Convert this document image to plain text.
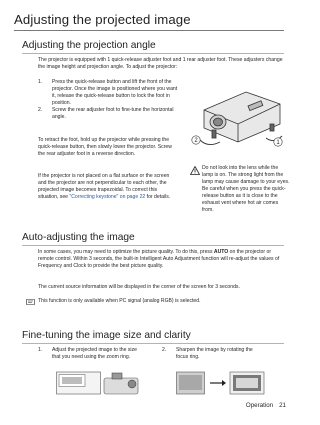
Adjusting the projected image
Adjusting the projection angle

The projector is equipped with 1 quick-release adjuster foot and 1 rear adjuster foot. These adjusters change the image height and projection angle. To adjust the projector:

1. Press the quick-release button and lift the front of the projector. Once the image is positioned where you want it, release the quick-release button to lock the foot in position.
2. Screw the rear adjuster foot to fine-tune the horizontal angle.

To retract the foot, hold up the projector while pressing the quick-release button, then slowly lower the projector. Screw the rear adjuster foot in a reverse direction.

If the projector is not placed on a flat surface or the screen and the projector are not perpendicular to each other, the projected image becomes trapezoidal. To correct this situation, see "Correcting keystone" on page 22 for details.

2	1

Do not look into the lens while the lamp is on. The strong light from the lamp may cause damage to your eyes.

Be careful when you press the quick-release button as it is close to the exhaust vent where hot air comes from.

Auto-adjusting the image

In some cases, you may need to optimize the picture quality. To do this, press AUTO on the projector or remote control. Within 3 seconds, the built-in Intelligent Auto Adjustment function will re-adjust the values of Frequency and Clock to provide the best picture quality.

The current source information will be displayed in the corner of the screen for 3 seconds.

This function is only available when PC signal (analog RGB) is selected.

Fine-tuning the image size and clarity

1.	Adjust the projected image to the size that you need using the zoom ring.

2.	Sharpen the image by rotating the focus ring.

Operation 21
